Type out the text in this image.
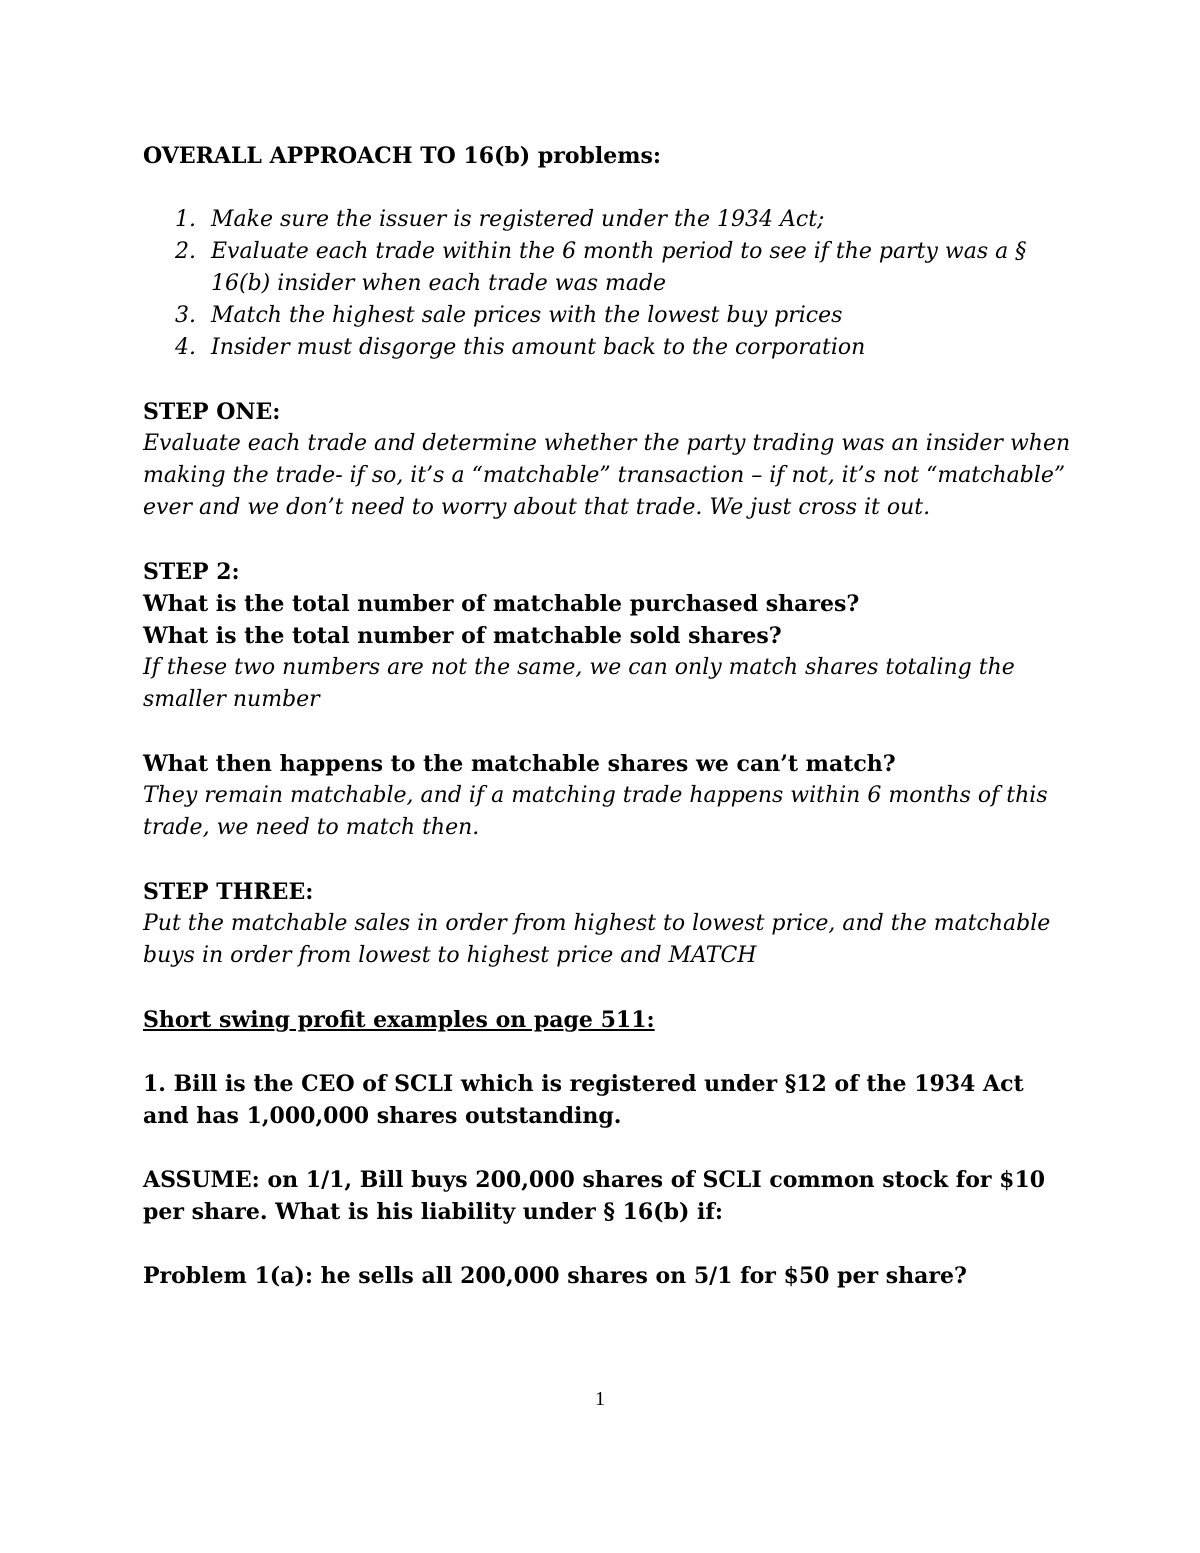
OVERALL APPROACH TO 16(b) problems:

1. Make sure the issuer is registered under the 1934 Act;
2. Evaluate each trade within the 6 month period to see if the party was a § 16(b) insider when each trade was made
3. Match the highest sale prices with the lowest buy prices
4. Insider must disgorge this amount back to the corporation

STEP ONE:

Evaluate each trade and determine whether the party trading was an insider when making the trade- if so, it’s a “matchable” transaction – if not, it’s not “matchable” ever and we don’t need to worry about that trade. We just cross it out.

STEP 2:

What is the total number of matchable purchased shares?

What is the total number of matchable sold shares?

If these two numbers are not the same, we can only match shares totaling the smaller number

What then happens to the matchable shares we can’t match?

They remain matchable, and if a matching trade happens within 6 months of this trade, we need to match then.

STEP THREE:

Put the matchable sales in order from highest to lowest price, and the matchable buys in order from lowest to highest price and MATCH

Short swing profit examples on page 511:

1. Bill is the CEO of SCLI which is registered under §12 of the 1934 Act

and has 1,000,000 shares outstanding.

ASSUME: on 1/1, Bill buys 200,000 shares of SCLI common stock for $10 per share. What is his liability under § 16(b) if:

Problem 1(a): he sells all 200,000 shares on 5/1 for $50 per share?

1
